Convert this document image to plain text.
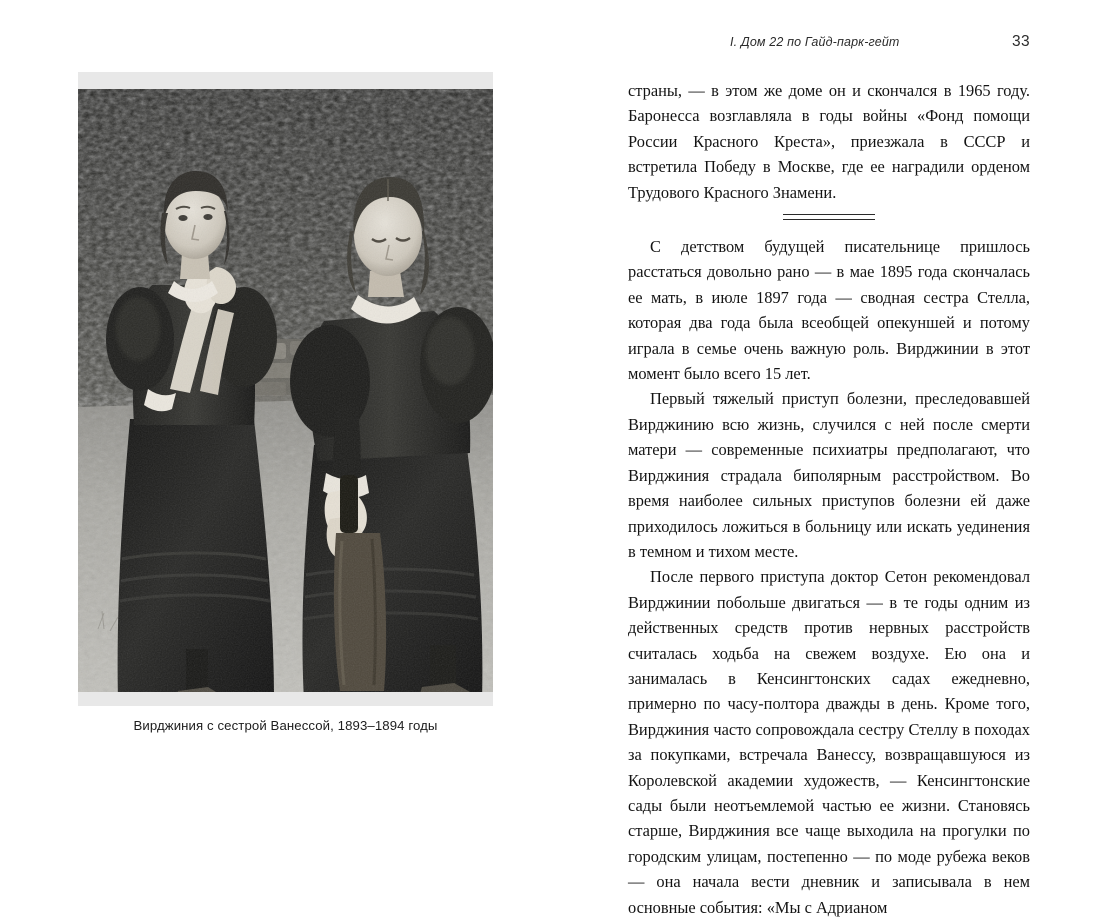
I. Дом 22 по Гайд-парк-гейт	33
Вирджиния с сестрой Ванессой, 1893–1894 годы

страны, — в этом же доме он и скончался в 1965 году. Баронесса возглавляла в годы войны «Фонд помощи России Красного Креста», приезжала в СССР и встретила Победу в Москве, где ее наградили орденом Трудового Красного Знамени.

С детством будущей писательнице пришлось расстаться довольно рано — в мае 1895 года скончалась ее мать, в июле 1897 года — сводная сестра Стелла, которая два года была всеобщей опекуншей и потому играла в семье очень важную роль. Вирджинии в этот момент было всего 15 лет.

Первый тяжелый приступ болезни, преследовавшей Вирджинию всю жизнь, случился с ней после смерти матери — современные психиатры предполагают, что Вирджиния страдала биполярным расстройством. Во время наиболее сильных приступов болезни ей даже приходилось ложиться в больницу или искать уединения в темном и тихом месте.

После первого приступа доктор Сетон рекомендовал Вирджинии побольше двигаться — в те годы одним из действенных средств против нервных расстройств считалась ходьба на свежем воздухе. Ею она и занималась в Кенсингтонских садах ежедневно, примерно по часу-полтора дважды в день. Кроме того, Вирджиния часто сопровождала сестру Стеллу в походах за покупками, встречала Ванессу, возвращавшуюся из Королевской академии художеств, — Кенсингтонские сады были неотъемлемой частью ее жизни. Становясь старше, Вирджиния все чаще выходила на прогулки по городским улицам, постепенно — по моде рубежа веков — она начала вести дневник и записывала в нем основные события: «Мы с Адрианом
